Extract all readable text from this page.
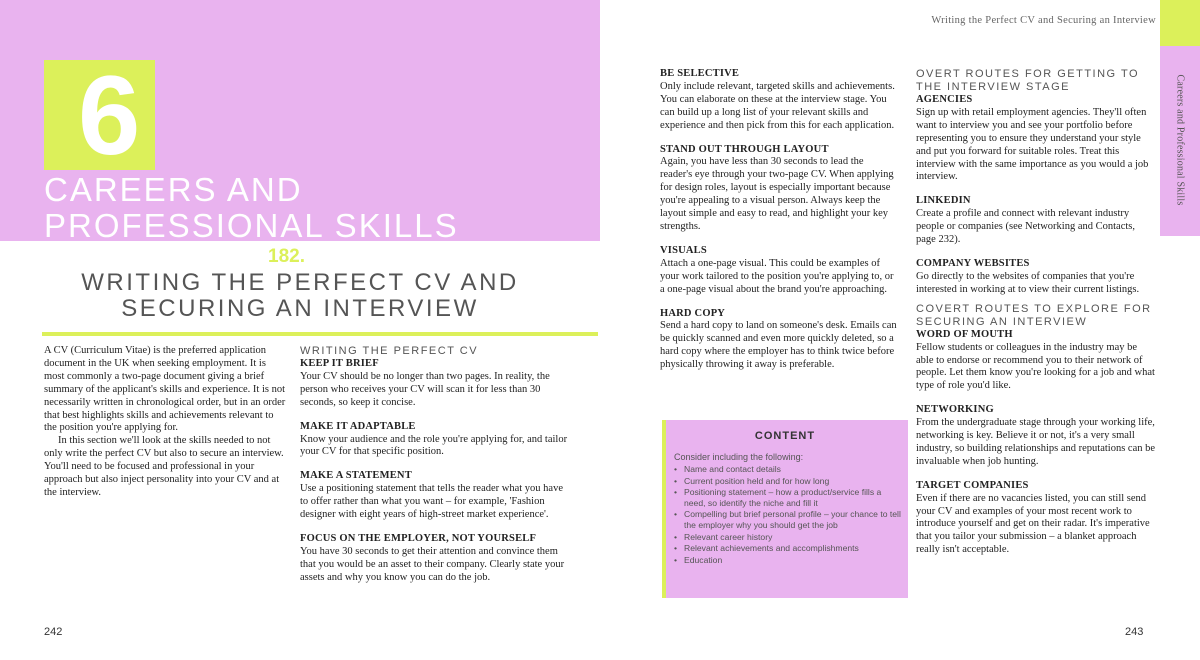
6
CAREERS AND
PROFESSIONAL SKILLS
182.
WRITING THE PERFECT CV AND
SECURING AN INTERVIEW

A CV (Curriculum Vitae) is the preferred application document in the UK when seeking employment. It is most commonly a two-page document giving a brief summary of the applicant's skills and experience. It is not necessarily written in chronological order, but in an order that best highlights skills and achievements relevant to the position you're applying for.

In this section we'll look at the skills needed to not only write the perfect CV but also to secure an interview. You'll need to be focused and professional in your approach but also inject personality into your CV and at the interview.

WRITING THE PERFECT CV
KEEP IT BRIEF

Your CV should be no longer than two pages. In reality, the person who receives your CV will scan it for less than 30 seconds, so keep it concise.

MAKE IT ADAPTABLE

Know your audience and the role you're applying for, and tailor your CV for that specific position.

MAKE A STATEMENT

Use a positioning statement that tells the reader what you have to offer rather than what you want – for example, 'Fashion designer with eight years of high-street market experience'.

FOCUS ON THE EMPLOYER, NOT YOURSELF

You have 30 seconds to get their attention and convince them that you would be an asset to their company. Clearly state your assets and why you know you can do the job.

242
Writing the Perfect CV and Securing an Interview
Careers and Professional Skills
BE SELECTIVE

Only include relevant, targeted skills and achievements. You can elaborate on these at the interview stage. You can build up a long list of your relevant skills and experience and then pick from this for each application.

STAND OUT THROUGH LAYOUT

Again, you have less than 30 seconds to lead the reader's eye through your two-page CV. When applying for design roles, layout is especially important because you're appealing to a visual person. Always keep the layout simple and easy to read, and highlight your key strengths.

VISUALS

Attach a one-page visual. This could be examples of your work tailored to the position you're applying to, or a one-page visual about the brand you're approaching.

HARD COPY

Send a hard copy to land on someone's desk. Emails can be quickly scanned and even more quickly deleted, so a hard copy where the employer has to think twice before physically throwing it away is preferable.

CONTENT
Consider including the following:
• Name and contact details
• Current position held and for how long
• Positioning statement – how a product/service fills a need, so identify the niche and fill it
• Compelling but brief personal profile – your chance to tell the employer why you should get the job
• Relevant career history
• Relevant achievements and accomplishments
• Education
OVERT ROUTES FOR GETTING TO THE INTERVIEW STAGE
AGENCIES

Sign up with retail employment agencies. They'll often want to interview you and see your portfolio before representing you to ensure they understand your style and put you forward for suitable roles. Treat this interview with the same importance as you would a job interview.

LINKEDIN

Create a profile and connect with relevant industry people or companies (see Networking and Contacts, page 232).

COMPANY WEBSITES

Go directly to the websites of companies that you're interested in working at to view their current listings.

COVERT ROUTES TO EXPLORE FOR SECURING AN INTERVIEW
WORD OF MOUTH

Fellow students or colleagues in the industry may be able to endorse or recommend you to their network of people. Let them know you're looking for a job and what type of role you'd like.

NETWORKING

From the undergraduate stage through your working life, networking is key. Believe it or not, it's a very small industry, so building relationships and reputations can be invaluable when job hunting.

TARGET COMPANIES

Even if there are no vacancies listed, you can still send your CV and examples of your most recent work to introduce yourself and get on their radar. It's imperative that you tailor your submission – a blanket approach really isn't acceptable.

243
